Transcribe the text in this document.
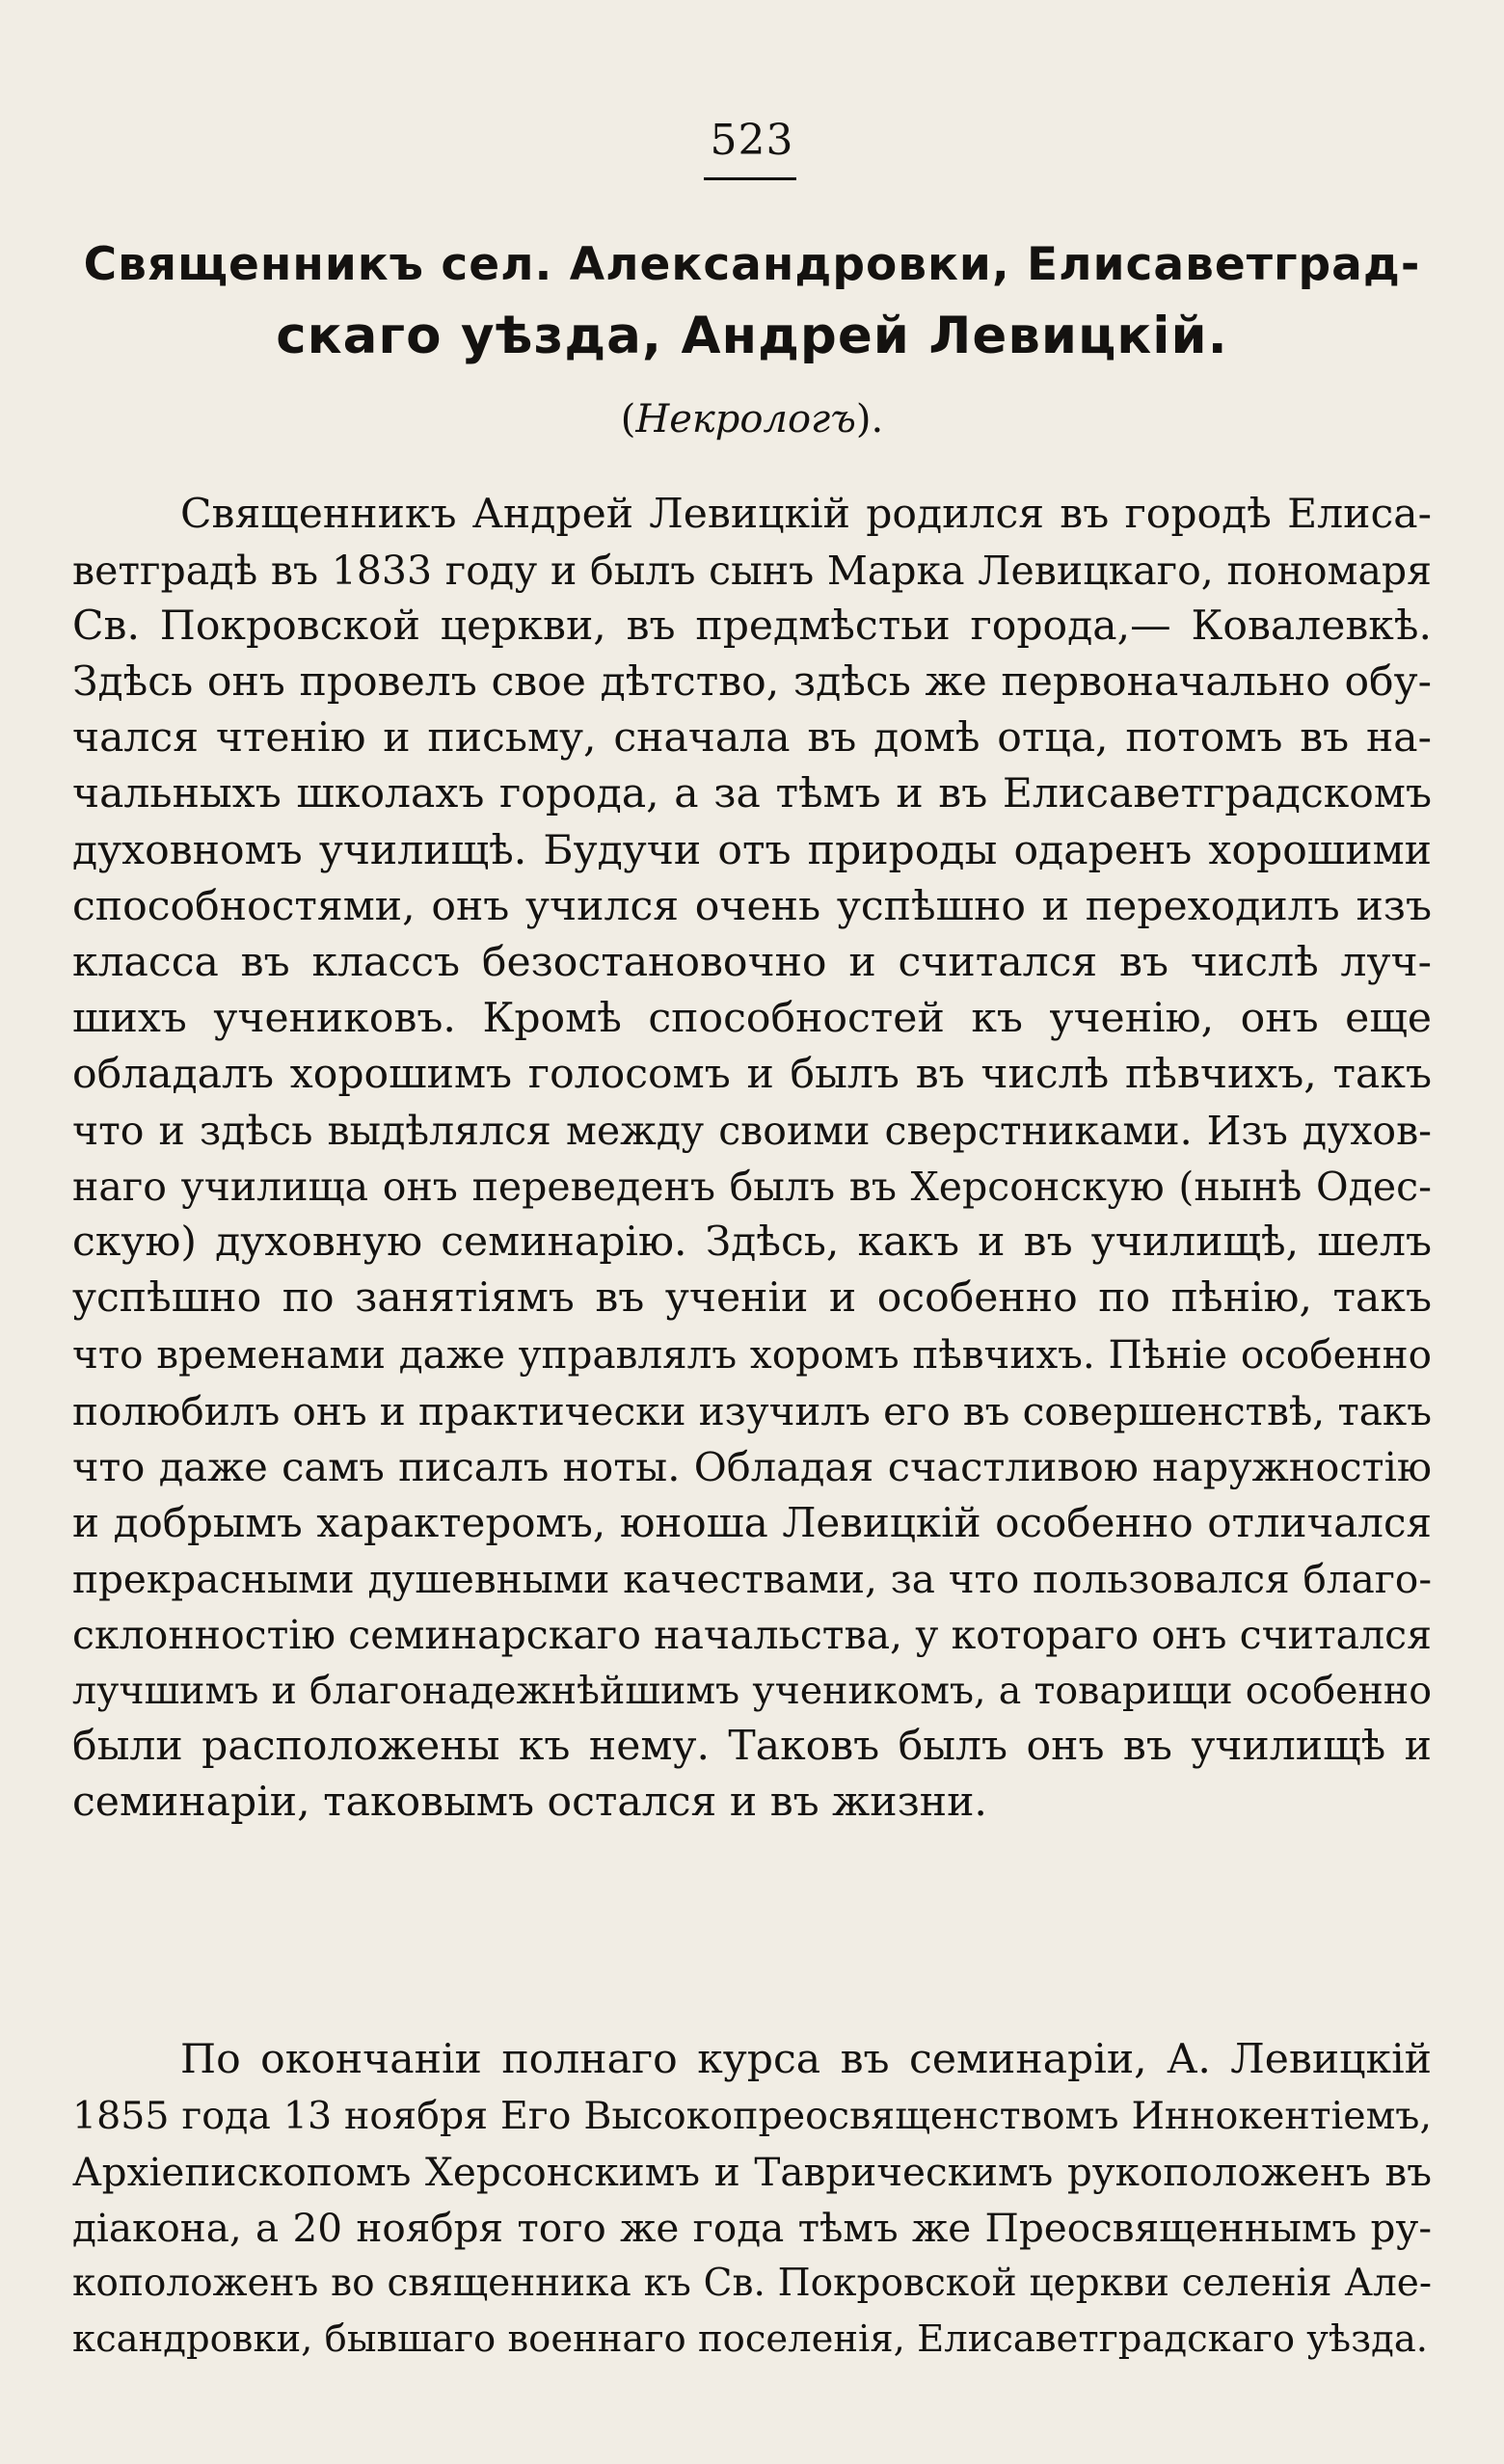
523
Священникъ сел. Александровки, Елисаветград-
скаго уѣзда, Андрей Левицкій.
(Некрологъ).
Священникъ Андрей Левицкій родился въ городѣ Елиса-
ветградѣ въ 1833 году и былъ сынъ Марка Левицкаго, пономаря
Св. Покровской церкви, въ предмѣстьи города,— Ковалевкѣ.
Здѣсь онъ провелъ свое дѣтство, здѣсь же первоначально обу-
чался чтенію и письму, сначала въ домѣ отца, потомъ въ на-
чальныхъ школахъ города, а за тѣмъ и въ Елисаветградскомъ
духовномъ училищѣ. Будучи отъ природы одаренъ хорошими
способностями, онъ учился очень успѣшно и переходилъ изъ
класса въ классъ безостановочно и считался въ числѣ луч-
шихъ учениковъ. Кромѣ способностей къ ученію, онъ еще
обладалъ хорошимъ голосомъ и былъ въ числѣ пѣвчихъ, такъ
что и здѣсь выдѣлялся между своими сверстниками. Изъ духов-
наго училища онъ переведенъ былъ въ Херсонскую (нынѣ Одес-
скую) духовную семинарію. Здѣсь, какъ и въ училищѣ, шелъ
успѣшно по занятіямъ въ ученіи и особенно по пѣнію, такъ
что временами даже управлялъ хоромъ пѣвчихъ. Пѣніе особенно
полюбилъ онъ и практически изучилъ его въ совершенствѣ, такъ
что даже самъ писалъ ноты. Обладая счастливою наружностію
и добрымъ характеромъ, юноша Левицкій особенно отличался
прекрасными душевными качествами, за что пользовался благо-
склонностію семинарскаго начальства, у котораго онъ считался
лучшимъ и благонадежнѣйшимъ ученикомъ, а товарищи особенно
были расположены къ нему. Таковъ былъ онъ въ училищѣ и
семинаріи, таковымъ остался и въ жизни.
По окончаніи полнаго курса въ семинаріи, А. Левицкій
1855 года 13 ноября Его Высокопреосвященствомъ Иннокентіемъ,
Архіепископомъ Херсонскимъ и Таврическимъ рукоположенъ въ
діакона, а 20 ноября того же года тѣмъ же Преосвященнымъ ру-
коположенъ во священника къ Св. Покровской церкви селенія Але-
ксандровки, бывшаго военнаго поселенія, Елисаветградскаго уѣзда.
